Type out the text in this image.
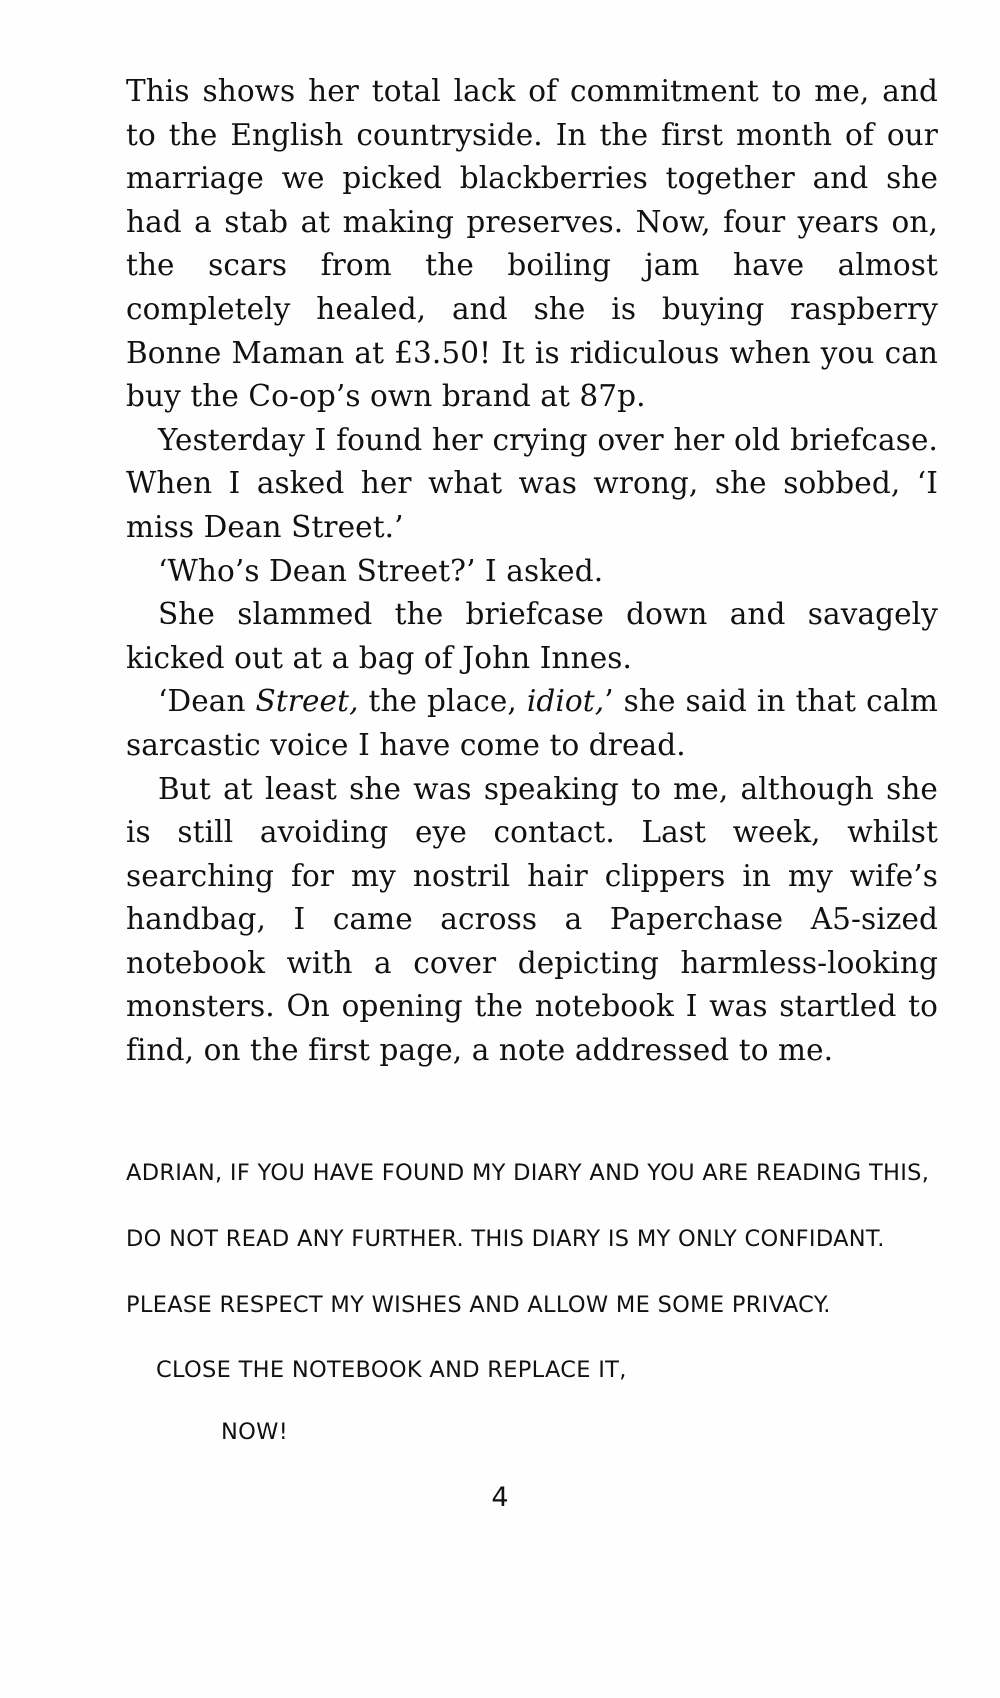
This shows her total lack of commitment to me, and to the English countryside. In the first month of our marriage we picked blackberries together and she had a stab at making preserves. Now, four years on, the scars from the boiling jam have almost completely healed, and she is buying raspberry Bonne Maman at £3.50! It is ridiculous when you can buy the Co-op’s own brand at 87p.

Yesterday I found her crying over her old briefcase. When I asked her what was wrong, she sobbed, ‘I miss Dean Street.’

‘Who’s Dean Street?’ I asked.

She slammed the briefcase down and savagely kicked out at a bag of John Innes.

‘Dean Street, the place, idiot,’ she said in that calm sarcastic voice I have come to dread.

But at least she was speaking to me, although she is still avoiding eye contact. Last week, whilst searching for my nostril hair clippers in my wife’s handbag, I came across a Paperchase A5-sized notebook with a cover depicting harmless-looking monsters. On opening the notebook I was startled to find, on the first page, a note addressed to me.

ADRIAN, IF YOU HAVE FOUND MY DIARY AND YOU ARE READING THIS, DO NOT READ ANY FURTHER. THIS DIARY IS MY ONLY CONFIDANT. PLEASE RESPECT MY WISHES AND ALLOW ME SOME PRIVACY.

CLOSE THE NOTEBOOK AND REPLACE IT,

NOW!

4
